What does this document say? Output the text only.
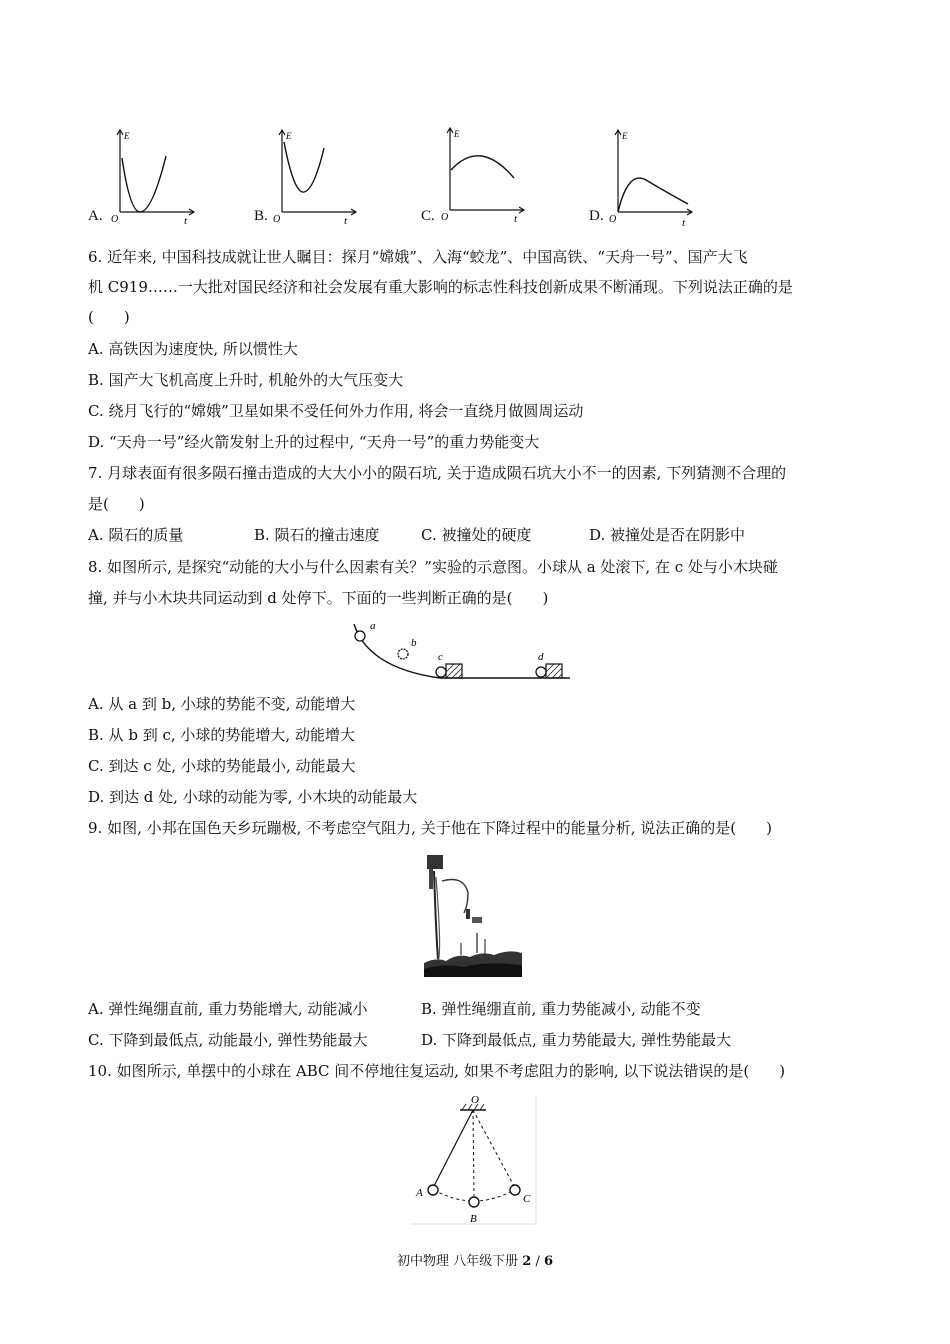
A.
E
O	t	B.
E
O	t	C.
E
O	t	D.
E
O	t
6. 近年来, 中国科技成就让世人瞩目：探月“嫦娥”、入海“蛟龙”、中国高铁、“天舟一号”、国产大飞
机 C919……一大批对国民经济和社会发展有重大影响的标志性科技创新成果不断涌现。下列说法正确的是
(　　)
A. 高铁因为速度快, 所以惯性大
B. 国产大飞机高度上升时, 机舱外的大气压变大
C. 绕月飞行的“嫦娥”卫星如果不受任何外力作用, 将会一直绕月做圆周运动
D. “天舟一号”经火箭发射上升的过程中, “天舟一号”的重力势能变大
7. 月球表面有很多陨石撞击造成的大大小小的陨石坑, 关于造成陨石坑大小不一的因素, 下列猜测不合理的
是(　　)
A. 陨石的质量	B. 陨石的撞击速度	C. 被撞处的硬度	D. 被撞处是否在阴影中
8. 如图所示, 是探究“动能的大小与什么因素有关？”实验的示意图。小球从 a 处滚下, 在 c 处与小木块碰
撞, 并与小木块共同运动到 d 处停下。下面的一些判断正确的是(　　)
a
b
c	d
A. 从 a 到 b, 小球的势能不变, 动能增大
B. 从 b 到 c, 小球的势能增大, 动能增大
C. 到达 c 处, 小球的势能最小, 动能最大
D. 到达 d 处, 小球的动能为零, 小木块的动能最大
9. 如图, 小邦在国色天乡玩蹦极, 不考虑空气阻力, 关于他在下降过程中的能量分析, 说法正确的是(　　)
A. 弹性绳绷直前, 重力势能增大, 动能减小	B. 弹性绳绷直前, 重力势能减小, 动能不变
C. 下降到最低点, 动能最小, 弹性势能最大	D. 下降到最低点, 重力势能最大, 弹性势能最大
10. 如图所示, 单摆中的小球在 ABC 间不停地往复运动, 如果不考虑阻力的影响, 以下说法错误的是(　　)
O
A
B
C
初中物理 八年级下册 2 / 6
